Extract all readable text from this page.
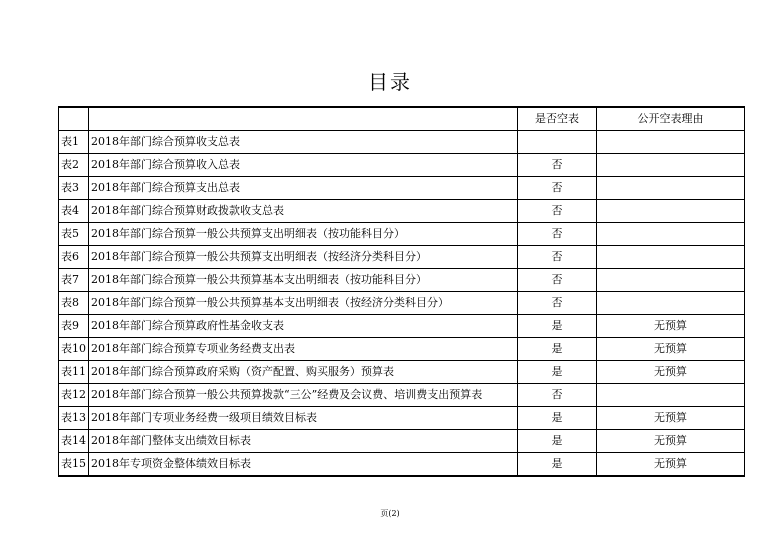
目录
		是否空表	公开空表理由
表1	2018年部门综合预算收支总表		
表2	2018年部门综合预算收入总表	否	
表3	2018年部门综合预算支出总表	否	
表4	2018年部门综合预算财政拨款收支总表	否	
表5	2018年部门综合预算一般公共预算支出明细表（按功能科目分）	否	
表6	2018年部门综合预算一般公共预算支出明细表（按经济分类科目分）	否	
表7	2018年部门综合预算一般公共预算基本支出明细表（按功能科目分）	否	
表8	2018年部门综合预算一般公共预算基本支出明细表（按经济分类科目分）	否	
表9	2018年部门综合预算政府性基金收支表	是	无预算
表10	2018年部门综合预算专项业务经费支出表	是	无预算
表11	2018年部门综合预算政府采购（资产配置、购买服务）预算表	是	无预算
表12	2018年部门综合预算一般公共预算拨款“三公”经费及会议费、培训费支出预算表	否	
表13	2018年部门专项业务经费一级项目绩效目标表	是	无预算
表14	2018年部门整体支出绩效目标表	是	无预算
表15	2018年专项资金整体绩效目标表	是	无预算
页(2)
